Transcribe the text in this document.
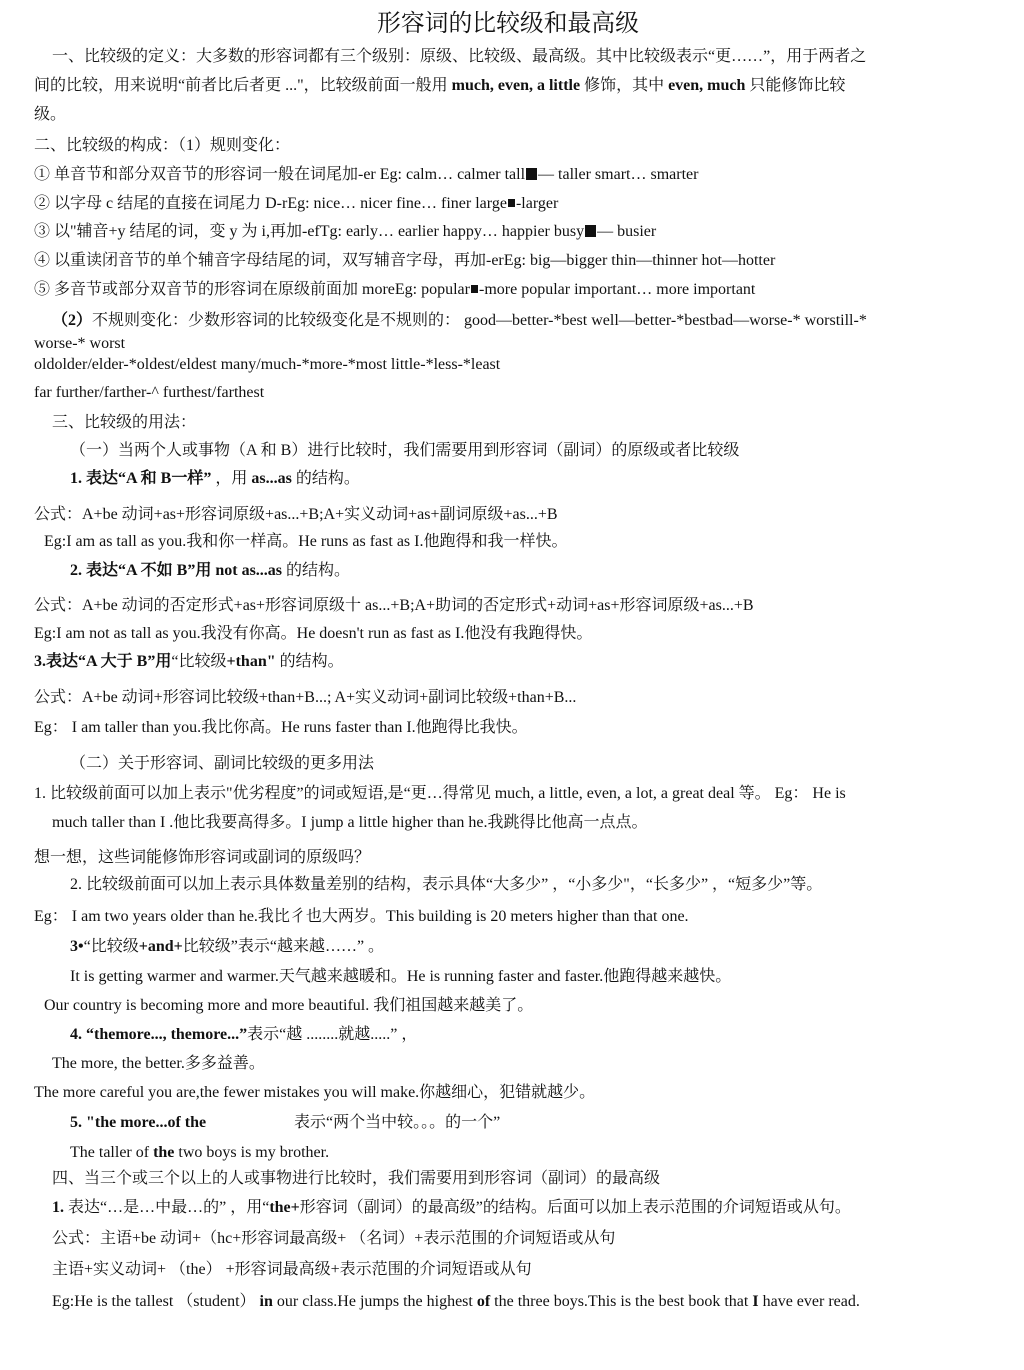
形容词的比较级和最高级
一、比较级的定义：大多数的形容词都有三个级别：原级、比较级、最高级。其中比较级表示“更……”，用于两者之
间的比较，用来说明“前者比后者更 ..."，比较级前面一般用 much, even, a little 修饰，其中 even, much 只能修饰比较
级。
二、比较级的构成：（1）规则变化：
① 单音节和部分双音节的形容词一般在词尾加-er Eg: calm… calmer tall — taller smart… smarter
② 以字母 c 结尾的直接在词尾力 D-rEg: nice… nicer fine… finer large -larger
③ 以"辅音+y 结尾的词，变 y 为 i,再加-efTg: early… earlier happy… happier busy — busier
④ 以重读闭音节的单个辅音字母结尾的词，双写辅音字母，再加-erEg: big—bigger thin—thinner hot—hotter
⑤ 多音节或部分双音节的形容词在原级前面加 moreEg: popular -more popular important… more important
（2）不规则变化：少数形容词的比较级变化是不规则的： good—better-*best well—better-*bestbad—worse-* worstill-*
worse-* worst
oldolder/elder-*oldest/eldest many/much-*more-*most little-*less-*least
far further/farther-^ furthest/farthest
三、比较级的用法：
（一）当两个人或事物（A 和 B）进行比较时，我们需要用到形容词（副词）的原级或者比较级
1. 表达“A 和 B一样” ，用 as...as 的结构。
公式：A+be 动词+as+形容词原级+as...+B;A+实义动词+as+副词原级+as...+B
Eg:I am as tall as you.我和你一样高。He runs as fast as I.他跑得和我一样快。
2. 表达“A 不如 B”用 not as...as 的结构。
公式：A+be 动词的否定形式+as+形容词原级十 as...+B;A+助词的否定形式+动词+as+形容词原级+as...+B
Eg:I am not as tall as you.我没有你高。He doesn't run as fast as I.他没有我跑得快。
3.表达“A 大于 B”用“比较级+than" 的结构。
公式：A+be 动词+形容词比较级+than+B...; A+实义动词+副词比较级+than+B...
Eg： I am taller than you.我比你高。He runs faster than I.他跑得比我快。
（二）关于形容词、副词比较级的更多用法
1. 比较级前面可以加上表示"优劣程度”的词或短语,是“更…得常见 much, a little, even, a lot, a great deal 等。 Eg： He is
much taller than I .他比我要高得多。I jump a little higher than he.我跳得比他高一点点。
想一想，这些词能修饰形容词或副词的原级吗？
2. 比较级前面可以加上表示具体数量差别的结构，表示具体“大多少” ，“小多少"，“长多少” ，“短多少”等。
Eg： I am two years older than he.我比彳也大两岁。This building is 20 meters higher than that one.
3•“比较级+and+比较级”表示“越来越……” 。
It is getting warmer and warmer.天气越来越暖和。He is running faster and faster.他跑得越来越快。
Our country is becoming more and more beautiful. 我们祖国越来越美了。
4. “themore..., themore...”表示“越 ........就越.....” ，
The more, the better.多多益善。
The more careful you are,the fewer mistakes you will make.你越细心，犯错就越少。
5. "the more...of the	表示“两个当中较。。。的一个”
The taller of the two boys is my brother.
四、当三个或三个以上的人或事物进行比较时，我们需要用到形容词（副词）的最高级
1. 表达“…是…中最…的” ，用“the+形容词（副词）的最高级”的结构。后面可以加上表示范围的介词短语或从句。
公式：主语+be 动词+（hc+形容词最高级+ （名词）+表示范围的介词短语或从句
主语+实义动词+ （the） +形容词最高级+表示范围的介词短语或从句
Eg:He is the tallest （student） in our class.He jumps the highest of the three boys.This is the best book that I have ever read.
